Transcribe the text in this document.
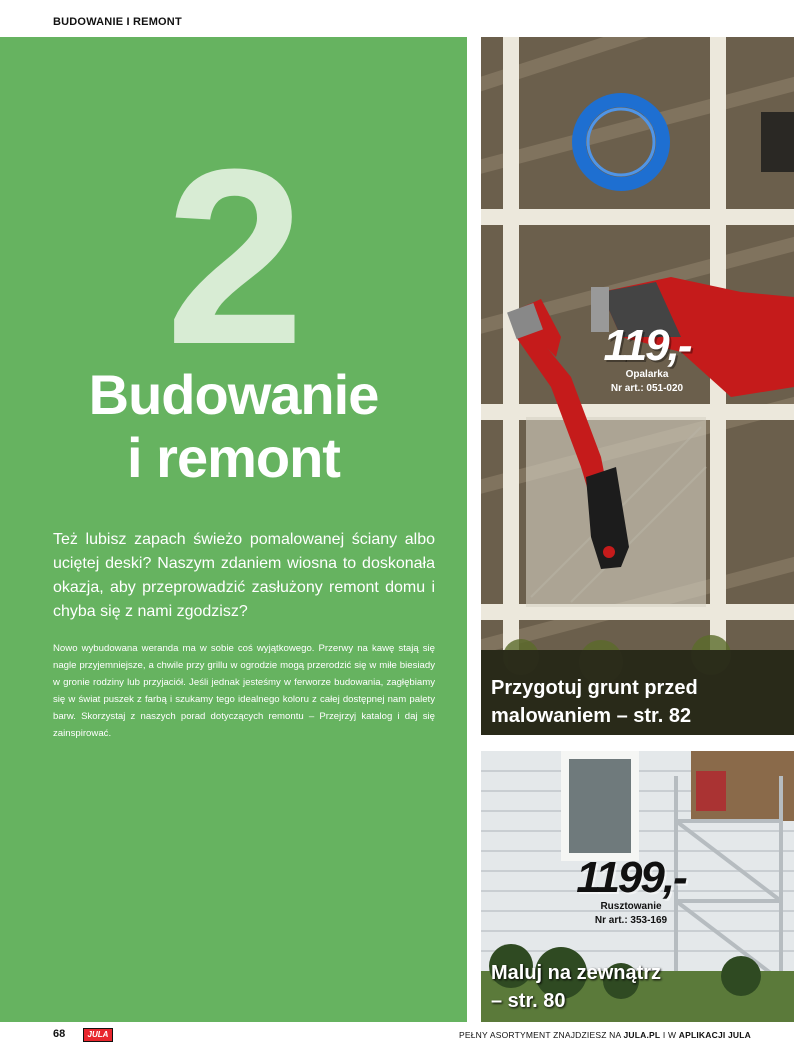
BUDOWANIE I REMONT
2
Budowanie
i remont
Też lubisz zapach świeżo pomalowanej ściany albo uciętej deski? Naszym zdaniem wiosna to doskonała okazja, aby przeprowadzić zasłużony remont domu i chyba się z nami zgodzisz?
Nowo wybudowana weranda ma w sobie coś wyjątkowego. Przerwy na kawę stają się nagle przyjemniejsze, a chwile przy grillu w ogrodzie mogą przerodzić się w miłe biesiady w gronie rodziny lub przyjaciół. Jeśli jednak jesteśmy w ferworze budowania, zagłębiamy się w świat puszek z farbą i szukamy tego idealnego koloru z całej dostępnej nam palety barw. Skorzystaj z naszych porad dotyczących remontu – Przejrzyj katalog i daj się zainspirować.
119,-
Opalarka
Nr art.: 051-020
Przygotuj grunt przed
malowaniem – str. 82
1199,-
Rusztowanie
Nr art.: 353-169
Maluj na zewnątrz
– str. 80
68	JULA	PEŁNY ASORTYMENT ZNAJDZIESZ NA JULA.PL I W APLIKACJI JULA
